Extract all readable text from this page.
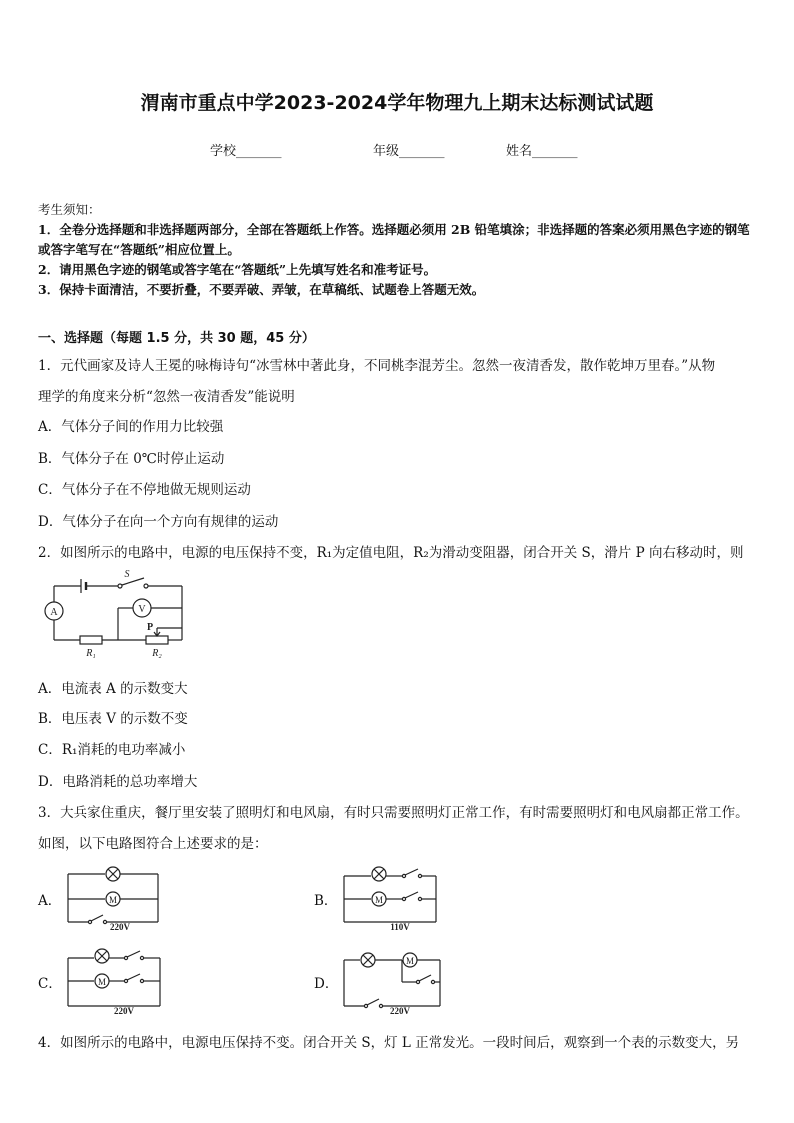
渭南市重点中学2023-2024学年物理九上期末达标测试试题
学校_______	年级_______	姓名_______
考生须知：
1．全卷分选择题和非选择题两部分，全部在答题纸上作答。选择题必须用 2B 铅笔填涂；非选择题的答案必须用黑色字迹的钢笔或答字笔写在“答题纸”相应位置上。
2．请用黑色字迹的钢笔或答字笔在“答题纸”上先填写姓名和准考证号。
3．保持卡面清洁，不要折叠，不要弄破、弄皱，在草稿纸、试题卷上答题无效。
一、选择题（每题 1.5 分，共 30 题，45 分）
1．元代画家及诗人王冕的咏梅诗句“冰雪林中著此身，不同桃李混芳尘。忽然一夜清香发，散作乾坤万里春。”从物
理学的角度来分析“忽然一夜清香发”能说明
A．气体分子间的作用力比较强
B．气体分子在 0℃时停止运动
C．气体分子在不停地做无规则运动
D．气体分子在向一个方向有规律的运动
2．如图所示的电路中，电源的电压保持不变，R₁为定值电阻，R₂为滑动变阻器，闭合开关 S，滑片 P 向右移动时，则
S
A	V
P
R₁	R₂
A．电流表 A 的示数变大
B．电压表 V 的示数不变
C．R₁消耗的电功率减小
D．电路消耗的总功率增大
3．大兵家住重庆，餐厅里安装了照明灯和电风扇，有时只需要照明灯正常工作，有时需要照明灯和电风扇都正常工作。
如图，以下电路图符合上述要求的是：
A．	M
220V
B．	M
110V
C．	M
220V
D．
M
220V
4．如图所示的电路中，电源电压保持不变。闭合开关 S，灯 L 正常发光。一段时间后，观察到一个表的示数变大，另
